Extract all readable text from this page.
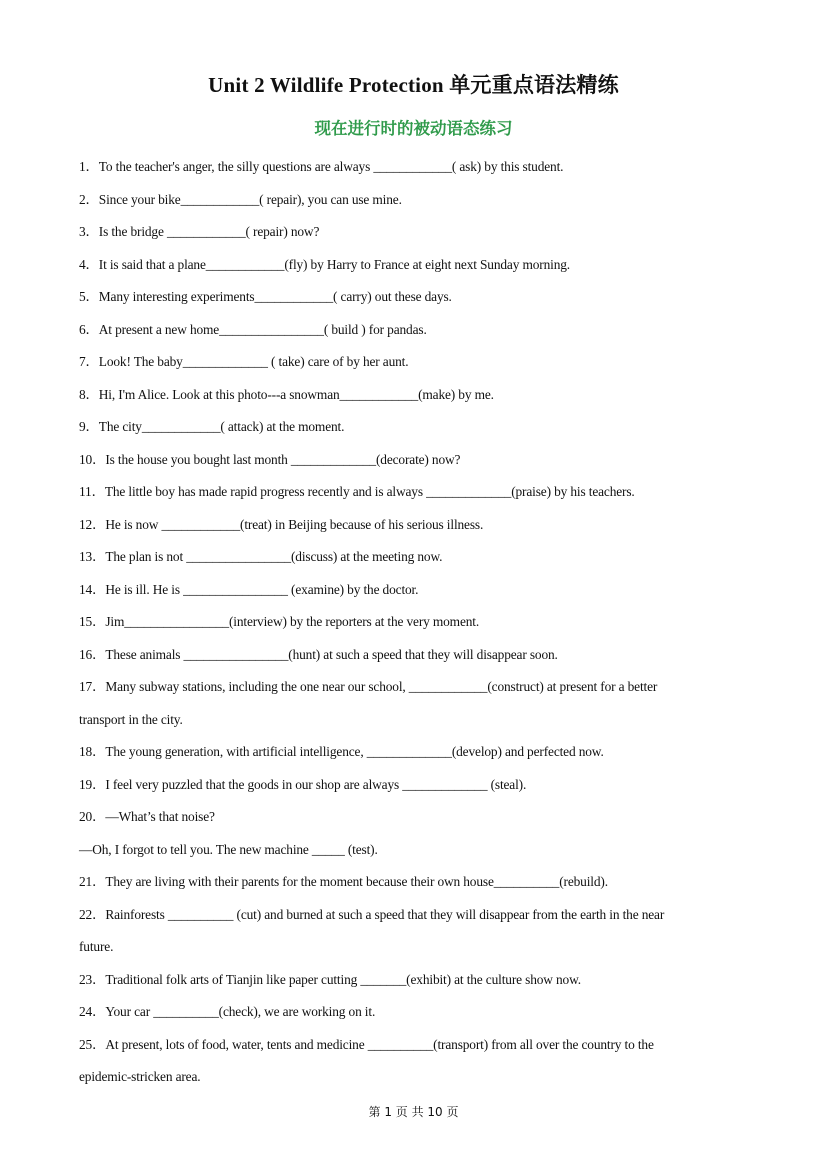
Unit 2 Wildlife Protection 单元重点语法精练
现在进行时的被动语态练习
1．To the teacher's anger, the silly questions are always ____________( ask) by this student.
2．Since your bike____________( repair), you can use mine.
3．Is the bridge ____________( repair) now?
4．It is said that a plane____________(fly) by Harry to France at eight next Sunday morning.
5．Many interesting experiments____________( carry) out these days.
6．At present a new home________________( build ) for pandas.
7．Look! The baby_____________ ( take) care of by her aunt.
8．Hi, I'm Alice. Look at this photo---a snowman____________(make) by me.
9．The city____________( attack) at the moment.
10．Is the house you bought last month _____________(decorate) now?
11．The little boy has made rapid progress recently and is always _____________(praise) by his teachers.
12．He is now ____________(treat) in Beijing because of his serious illness.
13．The plan is not ________________(discuss) at the meeting now.
14．He is ill. He is ________________ (examine) by the doctor.
15．Jim________________(interview) by the reporters at the very moment.
16．These animals ________________(hunt) at such a speed that they will disappear soon.
17．Many subway stations, including the one near our school, ____________(construct) at present for a better
transport in the city.
18．The young generation, with artificial intelligence, _____________(develop) and perfected now.
19．I feel very puzzled that the goods in our shop are always _____________ (steal).
20．—What’s that noise?
—Oh, I forgot to tell you. The new machine _____ (test).
21．They are living with their parents for the moment because their own house__________(rebuild).
22．Rainforests __________ (cut) and burned at such a speed that they will disappear from the earth in the near
future.
23．Traditional folk arts of Tianjin like paper cutting _______(exhibit) at the culture show now.
24．Your car __________(check), we are working on it.
25．At present, lots of food, water, tents and medicine __________(transport) from all over the country to the
epidemic-stricken area.
第 1 页 共 10 页
